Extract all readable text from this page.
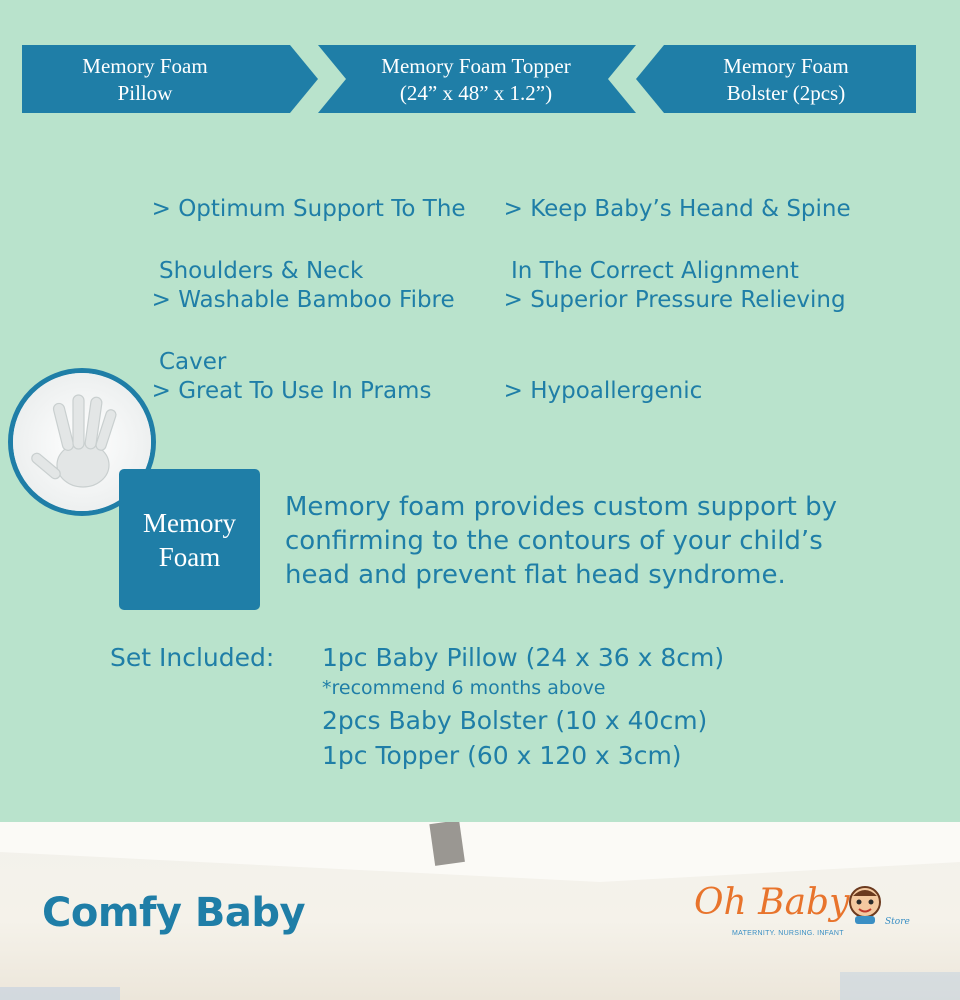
Memory Foam
Pillow
Memory Foam Topper
(24” x 48” x 1.2”)
Memory Foam
Bolster (2pcs)

> Optimum Support To The

Shoulders & Neck

> Washable Bamboo Fibre

Caver

> Great To Use In Prams

> Keep Baby’s Heand & Spine

In The Correct Alignment

> Superior Pressure Relieving

> Hypoallergenic

Memory
Foam
Memory foam provides custom support by
confirming to the contours of your child’s
head and prevent flat head syndrome.
Set Included: 1pc Baby Pillow (24 x 36 x 8cm)
*recommend 6 months above
2pcs Baby Bolster (10 x 40cm)
1pc Topper (60 x 120 x 3cm)
Comfy Baby	Oh Baby	Store
MATERNITY. NURSING. INFANT
